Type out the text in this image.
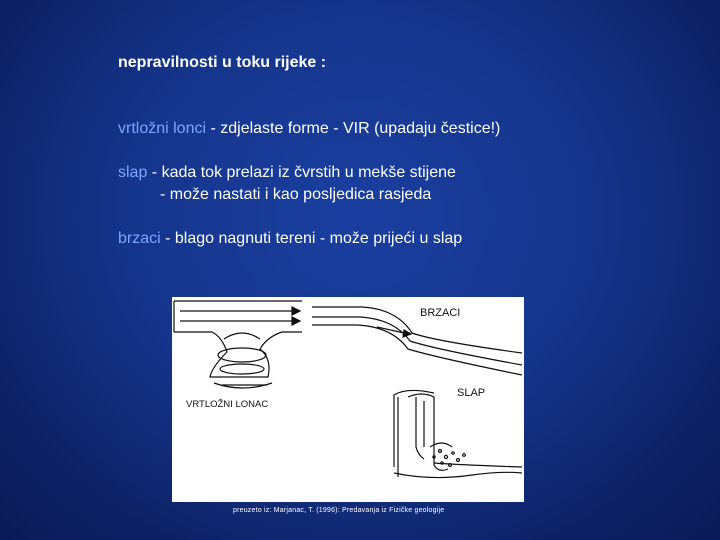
nepravilnosti u toku rijeke :
vrtložni lonci - zdjelaste forme - VIR (upadaju čestice!)
slap - kada tok prelazi iz čvrstih u mekše stijene
- može nastati i kao posljedica rasjeda
brzaci - blago nagnuti tereni - može prijeći u slap
VRTLOŽNI LONAC
BRZACI
SLAP
preuzeto iz: Marjanac, T. (1996): Predavanja iz Fizičke geologije
